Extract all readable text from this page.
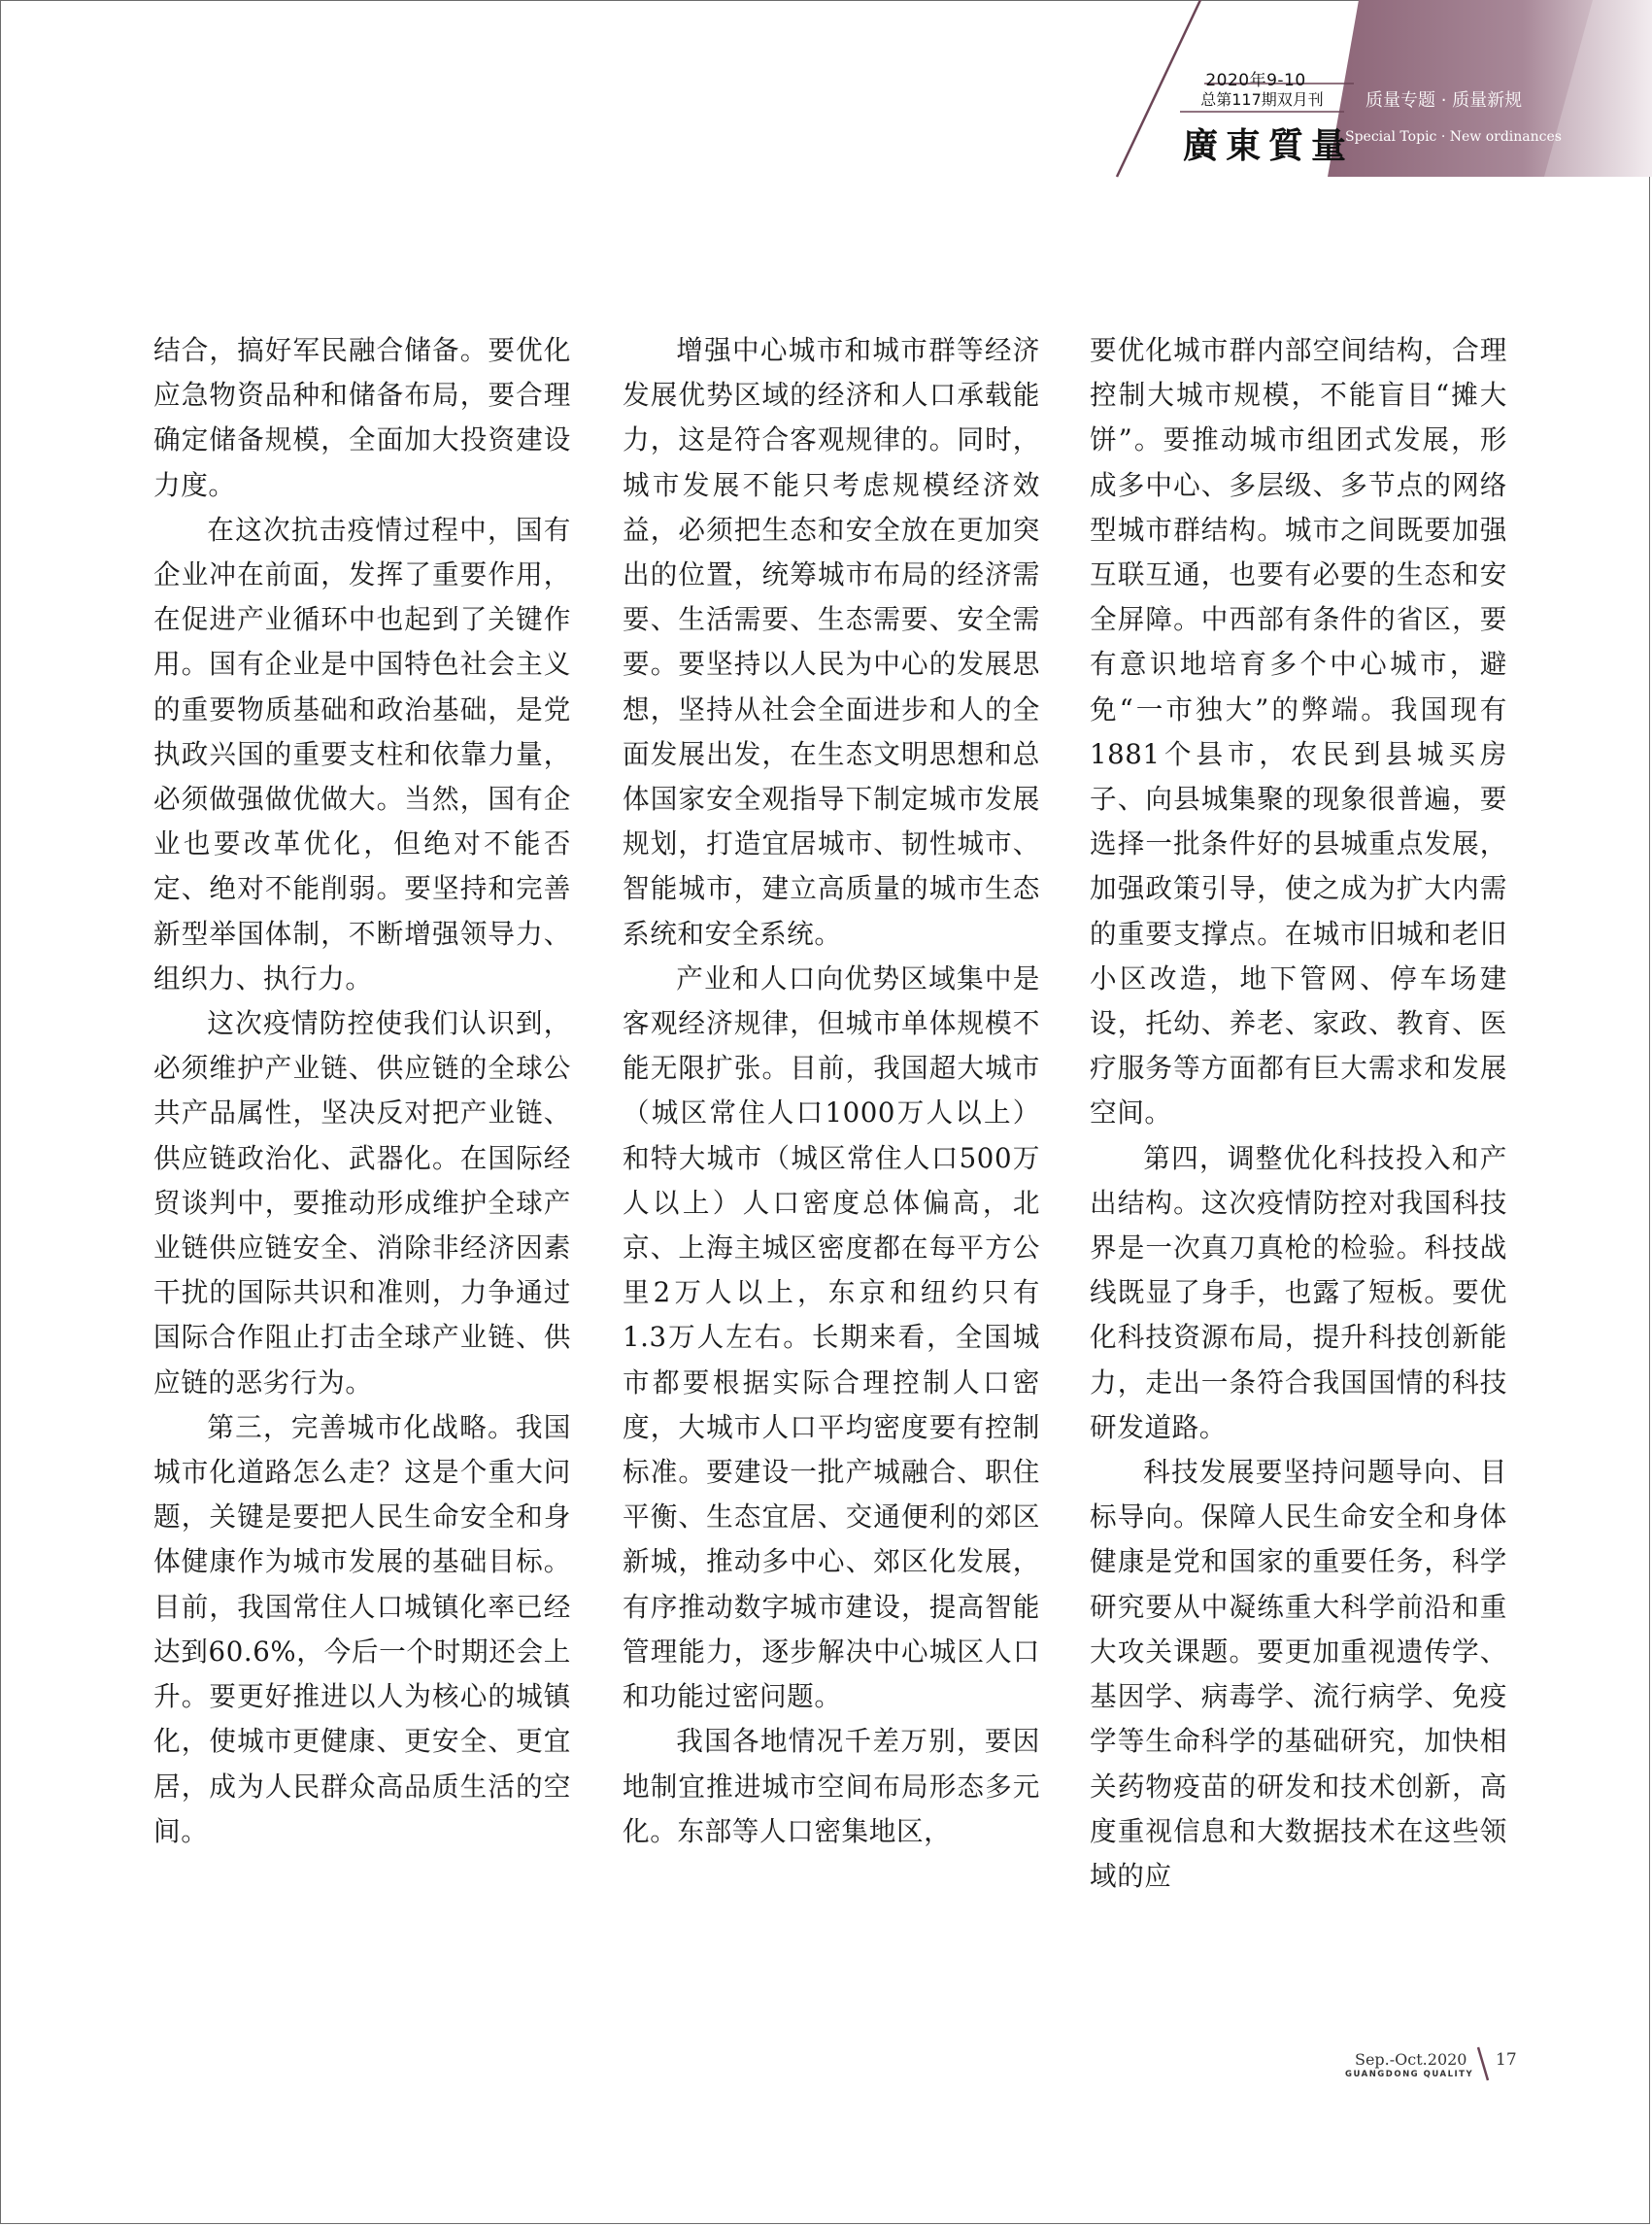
2020年9-10
总第117期双月刊
廣東質量
质量专题 · 质量新规
Special Topic · New ordinances

结合，搞好军民融合储备。要优化应急物资品种和储备布局，要合理确定储备规模，全面加大投资建设力度。

在这次抗击疫情过程中，国有企业冲在前面，发挥了重要作用，在促进产业循环中也起到了关键作用。国有企业是中国特色社会主义的重要物质基础和政治基础，是党执政兴国的重要支柱和依靠力量，必须做强做优做大。当然，国有企业也要改革优化，但绝对不能否定、绝对不能削弱。要坚持和完善新型举国体制，不断增强领导力、组织力、执行力。

这次疫情防控使我们认识到，必须维护产业链、供应链的全球公共产品属性，坚决反对把产业链、供应链政治化、武器化。在国际经贸谈判中，要推动形成维护全球产业链供应链安全、消除非经济因素干扰的国际共识和准则，力争通过国际合作阻止打击全球产业链、供应链的恶劣行为。

第三，完善城市化战略。我国城市化道路怎么走？这是个重大问题，关键是要把人民生命安全和身体健康作为城市发展的基础目标。目前，我国常住人口城镇化率已经达到60.6%，今后一个时期还会上升。要更好推进以人为核心的城镇化，使城市更健康、更安全、更宜居，成为人民群众高品质生活的空间。

增强中心城市和城市群等经济发展优势区域的经济和人口承载能力，这是符合客观规律的。同时，城市发展不能只考虑规模经济效益，必须把生态和安全放在更加突出的位置，统筹城市布局的经济需要、生活需要、生态需要、安全需要。要坚持以人民为中心的发展思想，坚持从社会全面进步和人的全面发展出发，在生态文明思想和总体国家安全观指导下制定城市发展规划，打造宜居城市、韧性城市、智能城市，建立高质量的城市生态系统和安全系统。

产业和人口向优势区域集中是客观经济规律，但城市单体规模不能无限扩张。目前，我国超大城市（城区常住人口1000万人以上）和特大城市（城区常住人口500万人以上）人口密度总体偏高，北京、上海主城区密度都在每平方公里2万人以上，东京和纽约只有1.3万人左右。长期来看，全国城市都要根据实际合理控制人口密度，大城市人口平均密度要有控制标准。要建设一批产城融合、职住平衡、生态宜居、交通便利的郊区新城，推动多中心、郊区化发展，有序推动数字城市建设，提高智能管理能力，逐步解决中心城区人口和功能过密问题。

我国各地情况千差万别，要因地制宜推进城市空间布局形态多元化。东部等人口密集地区，

要优化城市群内部空间结构，合理控制大城市规模，不能盲目“摊大饼”。要推动城市组团式发展，形成多中心、多层级、多节点的网络型城市群结构。城市之间既要加强互联互通，也要有必要的生态和安全屏障。中西部有条件的省区，要有意识地培育多个中心城市，避免“一市独大”的弊端。我国现有1881个县市，农民到县城买房子、向县城集聚的现象很普遍，要选择一批条件好的县城重点发展，加强政策引导，使之成为扩大内需的重要支撑点。在城市旧城和老旧小区改造，地下管网、停车场建设，托幼、养老、家政、教育、医疗服务等方面都有巨大需求和发展空间。

第四，调整优化科技投入和产出结构。这次疫情防控对我国科技界是一次真刀真枪的检验。科技战线既显了身手，也露了短板。要优化科技资源布局，提升科技创新能力，走出一条符合我国国情的科技研发道路。

科技发展要坚持问题导向、目标导向。保障人民生命安全和身体健康是党和国家的重要任务，科学研究要从中凝练重大科学前沿和重大攻关课题。要更加重视遗传学、基因学、病毒学、流行病学、免疫学等生命科学的基础研究，加快相关药物疫苗的研发和技术创新，高度重视信息和大数据技术在这些领域的应

Sep.-Oct.2020
GUANGDONG QUALITY
17
